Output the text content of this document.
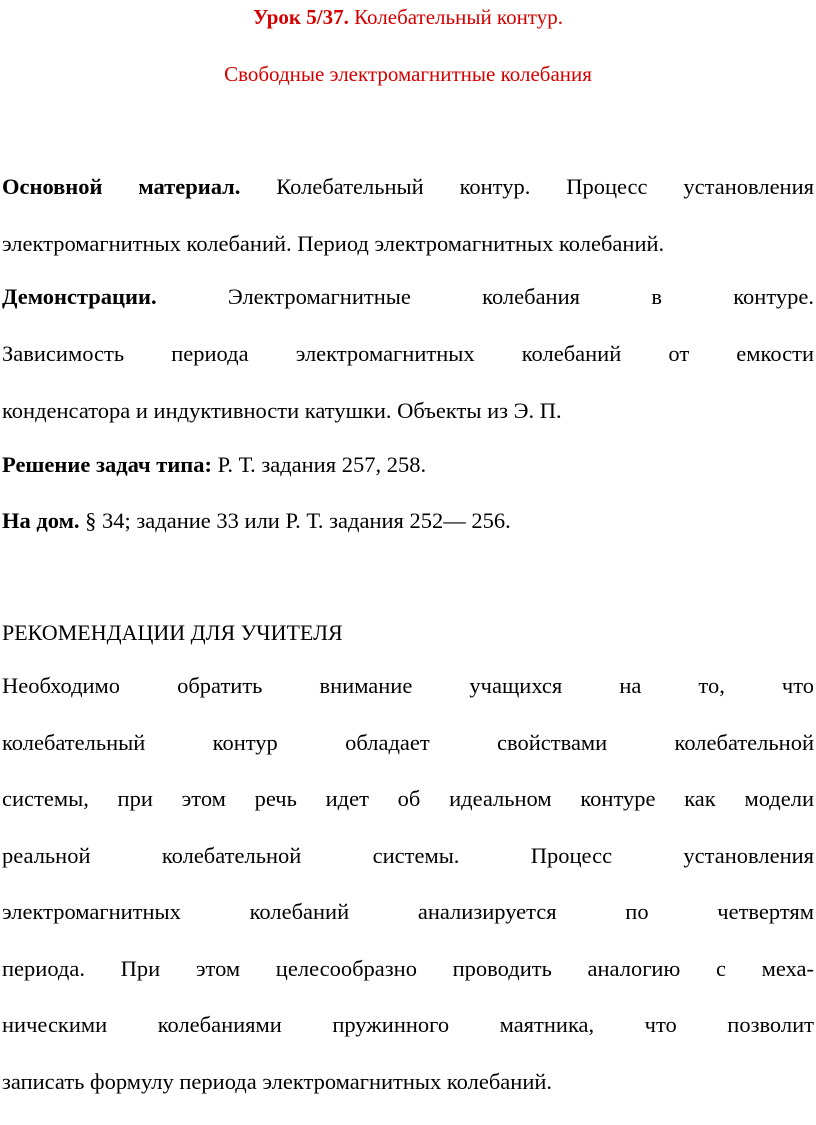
Урок 5/37. Колебательный контур.
Свободные электромагнитные колебания
Основной материал. Колебательный контур. Процесс установления
электромагнитных колебаний. Период электромагнитных колебаний.
Демонстрации. Электромагнитные колебания в контуре.
Зависимость периода электромагнитных колебаний от емкости
конденсатора и индуктивности катушки. Объекты из Э. П.
Решение задач типа: Р. Т. задания 257, 258.
На дом. § 34; задание 33 или Р. Т. задания 252— 256.
РЕКОМЕНДАЦИИ ДЛЯ УЧИТЕЛЯ
Необходимо обратить внимание учащихся на то, что
колебательный контур обладает свойствами колебательной
системы, при этом речь идет об идеальном контуре как модели
реальной колебательной системы. Процесс установления
электромагнитных колебаний анализируется по четвертям
периода. При этом целесообразно проводить аналогию с меха-
ническими колебаниями пружинного маятника, что позволит
записать формулу периода электромагнитных колебаний.
